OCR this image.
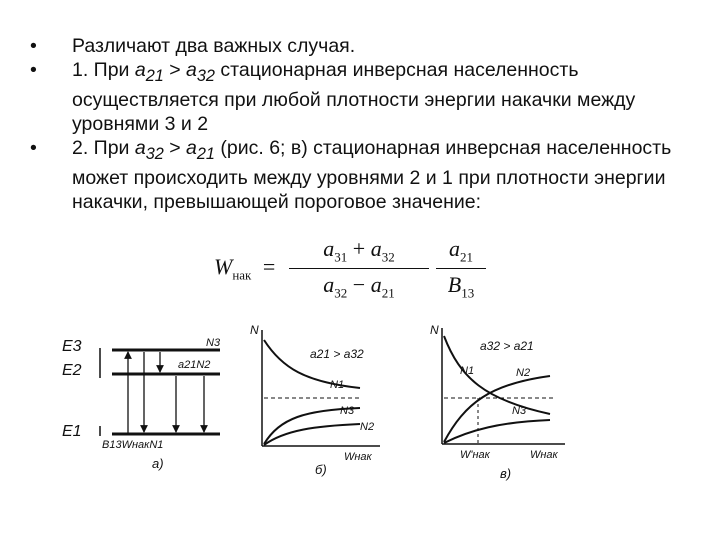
• Различают два важных случая.
• 1. При $a_{21} > a_{32}$ стационарная инверсная населенность осуществляется при любой плотности энергии накачки между уровнями 3 и 2
• 2. При $a_{32} > a_{21}$ (рис. 6; в) стационарная инверсная населенность может происходить между уровнями 2 и 1 при плотности энергии накачки, превышающей пороговое значение:
$W_{нак}$ =
$a_{31} + a_{32}$
$a_{32} - a_{21}$
$a_{21}$
$B_{13}$
E3
E2
E1
N3
a21N2
B13WнакN1
а)
N
a21 > a32
N1
N3
N2
Wнак
б)
N
a32 > a21
N1	N2
N3
W'нак	Wнак
в)
